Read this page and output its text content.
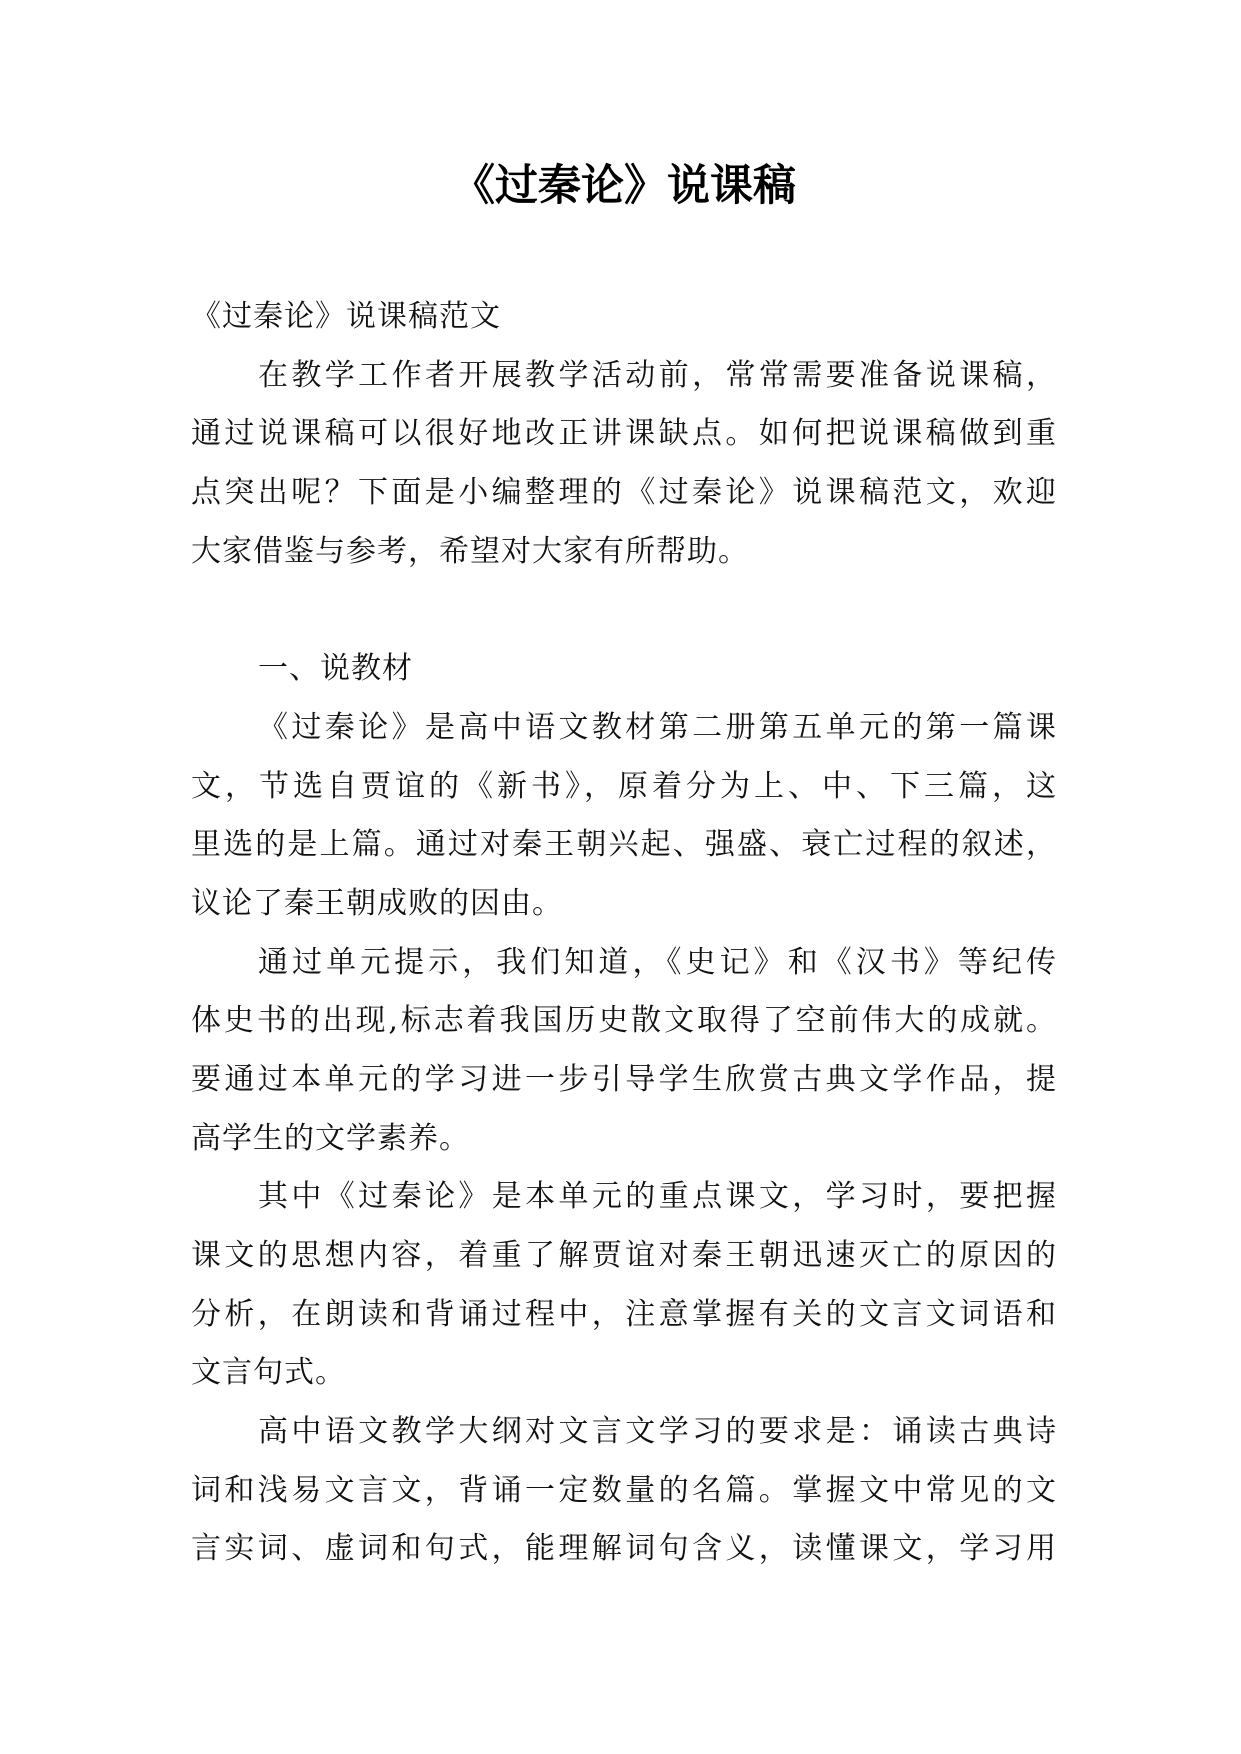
《过秦论》说课稿
《过秦论》说课稿范文
在教学工作者开展教学活动前，常常需要准备说课稿，
通过说课稿可以很好地改正讲课缺点。如何把说课稿做到重
点突出呢？下面是小编整理的《过秦论》说课稿范文，欢迎
大家借鉴与参考，希望对大家有所帮助。
一、说教材
《过秦论》是高中语文教材第二册第五单元的第一篇课
文，节选自贾谊的《新书》，原着分为上、中、下三篇，这
里选的是上篇。通过对秦王朝兴起、强盛、衰亡过程的叙述，
议论了秦王朝成败的因由。
通过单元提示，我们知道，《史记》和《汉书》等纪传
体史书的出现,标志着我国历史散文取得了空前伟大的成就。
要通过本单元的学习进一步引导学生欣赏古典文学作品，提
高学生的文学素养。
其中《过秦论》是本单元的重点课文，学习时，要把握
课文的思想内容，着重了解贾谊对秦王朝迅速灭亡的原因的
分析，在朗读和背诵过程中，注意掌握有关的文言文词语和
文言句式。
高中语文教学大纲对文言文学习的要求是：诵读古典诗
词和浅易文言文，背诵一定数量的名篇。掌握文中常见的文
言实词、虚词和句式，能理解词句含义，读懂课文，学习用
